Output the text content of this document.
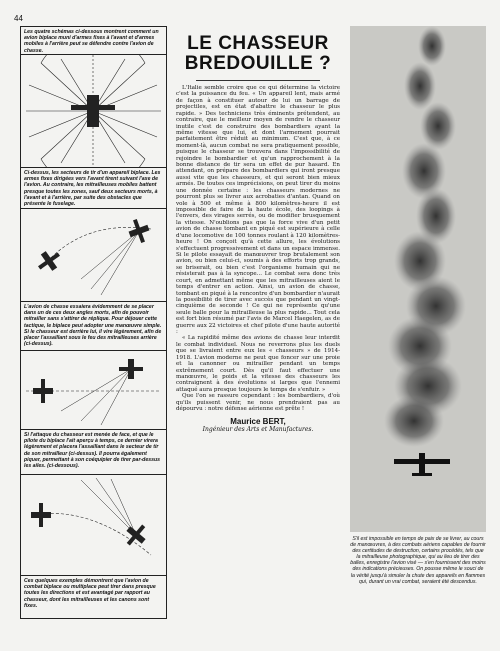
44

Les quatre schémas ci-dessous montrent comment un avion biplace muni d'armes fixes à l'avant et d'armes mobiles à l'arrière peut se défendre contre l'avion de chasse.

Ci-dessus, les secteurs de tir d'un appareil biplace. Les armes fixes dirigées vers l'avant tirent suivant l'axe de l'avion. Au contraire, les mitrailleuses mobiles battent presque toutes les zones, sauf deux secteurs morts, à l'avant et à l'arrière, par suite des obstacles que présente le fuselage.

L'avion de chasse essaiera évidemment de se placer dans un de ces deux angles morts, afin de pouvoir mitrailler sans s'attirer de réplique. Pour déjouer cette tactique, le biplace peut adopter une manœuvre simple. Si le chasseur est derrière lui, il vire légèrement, afin de placer l'assaillant sous le feu des mitrailleuses arrière (ci-dessus).

Si l'attaque du chasseur est menée de face, et que le pilote du biplace l'ait aperçu à temps, ce dernier virera légèrement et placera l'assaillant dans le secteur de tir de son mitrailleur (ci-dessus). Il pourra également piquer, permettant à son coéquipier de tirer par-dessus les ailes. (ci-dessous).

Ces quelques exemples démontrent que l'avion de combat biplace ou multiplace peut tirer dans presque toutes les directions et est avantagé par rapport au chasseur, dont les mitrailleuses et les canons sont fixes.

LE CHASSEUR
BREDOUILLE ?

L'Italie semble croire que ce qui détermine la victoire c'est la puissance du feu. « Un appareil lent, mais armé de façon à constituer autour de lui un barrage de projectiles, est en état d'abattre le chasseur le plus rapide. » Des techniciens très éminents prétendent, au contraire, que le meilleur moyen de rendre le chasseur inutile c'est de construire des bombardiers ayant la même vitesse que lui, et dont l'armement pourrait parfaitement être réduit au minimum. C'est que, à ce moment-là, aucun combat ne sera pratiquement possible, puisque le chasseur se trouvera dans l'impossibilité de rejoindre le bombardier et qu'un rapprochement à la bonne distance de tir sera un effet de pur hasard. En attendant, on prépare des bombardiers qui iront presque aussi vite que les chasseurs, et qui seront bien mieux armés. De toutes ces imprécisions, on peut tirer du moins une donnée certaine : les chasseurs modernes ne pourront plus se livrer aux acrobaties d'antan. Quand on vole à 500 et même à 800 kilomètres-heure il est impossible de faire de la haute école, des loopings à l'envers, des virages serrés, ou de modifier brusquement la vitesse. N'oublions pas que la force vive d'un petit avion de chasse tombant en piqué est supérieure à celle d'une locomotive de 100 tonnes roulant à 120 kilomètres-heure ! On conçoit qu'à cette allure, les évolutions s'effectuent progressivement et dans un espace immense. Si le pilote essayait de manœuvrer trop brutalement son avion, ou bien celui-ci, soumis à des efforts trop grands, se briserait, ou bien c'est l'organisme humain qui ne résisterait pas à la syncope... Le combat sera donc très court, en admettant même que les mitrailleuses aient le temps d'entrer en action. Ainsi, un avion de chasse, tombant en piqué à la rencontre d'un bombardier n'aurait la possibilité de tirer avec succès que pendant un vingt-cinquième de seconde ! Ce qui ne représente qu'une seule balle pour la mitrailleuse la plus rapide... Tout cela est fort bien résumé par l'avis de Marcel Haegelen, as de guerre aux 22 victoires et chef pilote d'une haute autorité :

« La rapidité même des avions de chasse leur interdit le combat individuel. Nous ne reverrons plus les duels que se livraient entre eux les « chasseurs » de 1914-1918. L'avion moderne ne peut que foncer sur une proie et la canonner ou mitrailler pendant un temps extrêmement court. Dès qu'il faut effectuer une manœuvre, le poids et la vitesse des chasseurs les contraignent à des évolutions si larges que l'ennemi attaqué aura presque toujours le temps de s'enfuir. »

Que l'on se rassure cependant : les bombardiers, d'où qu'ils puissent venir, ne nous prendraient pas au dépourvu : notre défense aérienne est prête !

Maurice BERT,
Ingénieur des Arts et Manufactures.
S'il est impossible en temps de paix de se livrer, au cours de manœuvres, à des combats aériens capables de fournir des certitudes de destruction, certains procédés, tels que la mitrailleuse photographique, qui au lieu de tirer des balles, enregistre l'avion visé — s'en fournissent des moins des indications précieuses. On pousse même le souci de la vérité jusqu'à simuler la chute des appareils en flammes qui, durant un vrai combat, seraient été descendus.
